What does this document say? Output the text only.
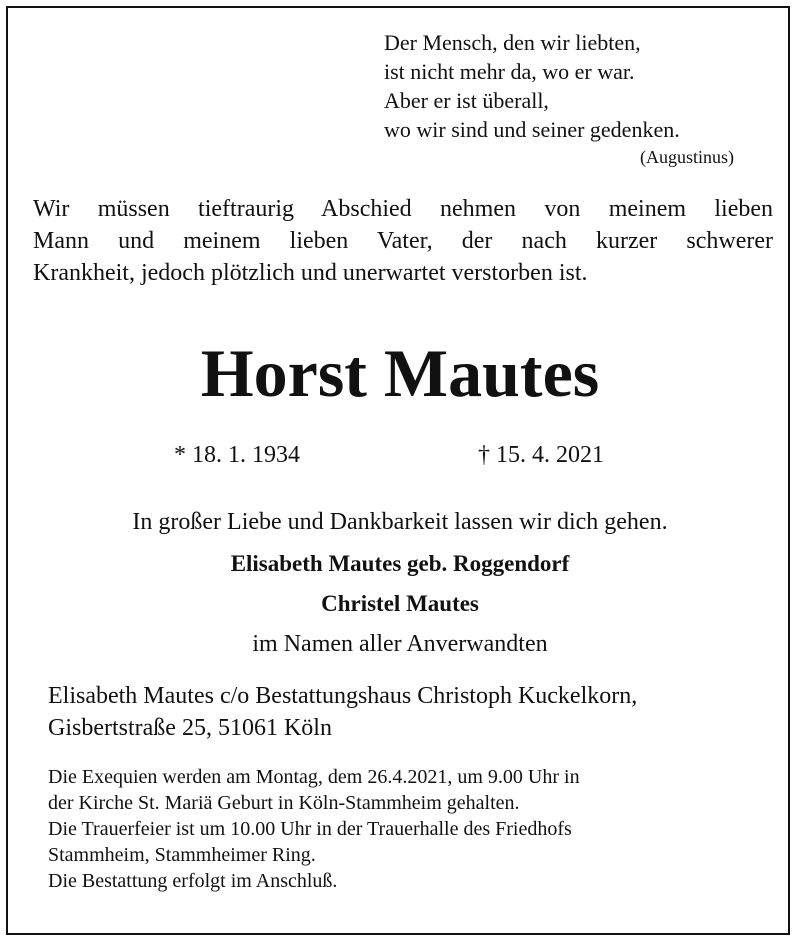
Der Mensch, den wir liebten,
ist nicht mehr da, wo er war.
Aber er ist überall,
wo wir sind und seiner gedenken.
(Augustinus)
Wir müssen tieftraurig Abschied nehmen von meinem lieben
Mann und meinem lieben Vater, der nach kurzer schwerer
Krankheit, jedoch plötzlich und unerwartet verstorben ist.
Horst Mautes
* 18. 1. 1934	† 15. 4. 2021
In großer Liebe und Dankbarkeit lassen wir dich gehen.
Elisabeth Mautes geb. Roggendorf
Christel Mautes
im Namen aller Anverwandten
Elisabeth Mautes c/o Bestattungshaus Christoph Kuckelkorn,
Gisbertstraße 25, 51061 Köln
Die Exequien werden am Montag, dem 26.4.2021, um 9.00 Uhr in
der Kirche St. Mariä Geburt in Köln-Stammheim gehalten.
Die Trauerfeier ist um 10.00 Uhr in der Trauerhalle des Friedhofs
Stammheim, Stammheimer Ring.
Die Bestattung erfolgt im Anschluß.
